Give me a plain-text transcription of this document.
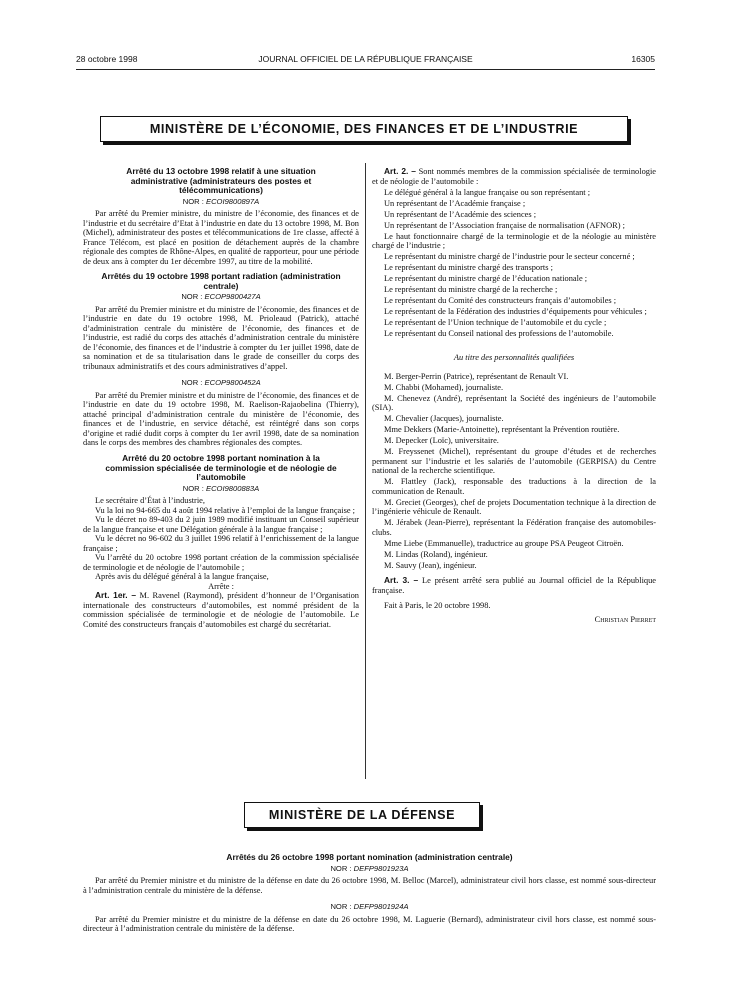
28 octobre 1998	JOURNAL OFFICIEL DE LA RÉPUBLIQUE FRANÇAISE	16305
MINISTÈRE DE L’ÉCONOMIE, DES FINANCES ET DE L’INDUSTRIE
Arrêté du 13 octobre 1998 relatif à une situation administrative (administrateurs des postes et télécommunications)
NOR : ECOI9800897A

Par arrêté du Premier ministre, du ministre de l’économie, des finances et de l’industrie et du secrétaire d’Etat à l’industrie en date du 13 octobre 1998, M. Bon (Michel), administrateur des postes et télécommunications de 1re classe, affecté à France Télécom, est placé en position de détachement auprès de la chambre régionale des comptes de Rhône-Alpes, en qualité de rapporteur, pour une période de deux ans à compter du 1er décembre 1997, au titre de la mobilité.

Arrêtés du 19 octobre 1998 portant radiation (administration centrale)
NOR : ECOP9800427A

Par arrêté du Premier ministre et du ministre de l’économie, des finances et de l’industrie en date du 19 octobre 1998, M. Prioleaud (Patrick), attaché d’administration centrale du ministère de l’économie, des finances et de l’industrie, est radié du corps des attachés d’administration centrale du ministère de l’économie, des finances et de l’industrie à compter du 1er juillet 1998, date de sa nomination et de sa titularisation dans le grade de conseiller du corps des tribunaux administratifs et des cours administratives d’appel.

NOR : ECOP9800452A

Par arrêté du Premier ministre et du ministre de l’économie, des finances et de l’industrie en date du 19 octobre 1998, M. Raelison-Rajaobelina (Thierry), attaché principal d’administration centrale du ministère de l’économie, des finances et de l’industrie, en service détaché, est réintégré dans son corps d’origine et radié dudit corps à compter du 1er avril 1998, date de sa nomination dans le corps des membres des chambres régionales des comptes.

Arrêté du 20 octobre 1998 portant nomination à la commission spécialisée de terminologie et de néologie de l’automobile
NOR : ECOI9800883A

Le secrétaire d’État à l’industrie,

Vu la loi no 94-665 du 4 août 1994 relative à l’emploi de la langue française ;

Vu le décret no 89-403 du 2 juin 1989 modifié instituant un Conseil supérieur de la langue française et une Délégation générale à la langue française ;

Vu le décret no 96-602 du 3 juillet 1996 relatif à l’enrichissement de la langue française ;

Vu l’arrêté du 20 octobre 1998 portant création de la commission spécialisée de terminologie et de néologie de l’automobile ;

Après avis du délégué général à la langue française,

Arrête :

Art. 1er. – M. Ravenel (Raymond), président d’honneur de l’Organisation internationale des constructeurs d’automobiles, est nommé président de la commission spécialisée de terminologie et de néologie de l’automobile. Le Comité des constructeurs français d’automobiles est chargé du secrétariat.

Art. 2. – Sont nommés membres de la commission spécialisée de terminologie et de néologie de l’automobile :

Le délégué général à la langue française ou son représentant ;

Un représentant de l’Académie française ;

Un représentant de l’Académie des sciences ;

Un représentant de l’Association française de normalisation (AFNOR) ;

Le haut fonctionnaire chargé de la terminologie et de la néologie au ministère chargé de l’industrie ;

Le représentant du ministre chargé de l’industrie pour le secteur concerné ;

Le représentant du ministre chargé des transports ;

Le représentant du ministre chargé de l’éducation nationale ;

Le représentant du ministre chargé de la recherche ;

Le représentant du Comité des constructeurs français d’automobiles ;

Le représentant de la Fédération des industries d’équipements pour véhicules ;

Le représentant de l’Union technique de l’automobile et du cycle ;

Le représentant du Conseil national des professions de l’automobile.

Au titre des personnalités qualifiées

M. Berger-Perrin (Patrice), représentant de Renault VI.

M. Chabbi (Mohamed), journaliste.

M. Chenevez (André), représentant la Société des ingénieurs de l’automobile (SIA).

M. Chevalier (Jacques), journaliste.

Mme Dekkers (Marie-Antoinette), représentant la Prévention routière.

M. Depecker (Loïc), universitaire.

M. Freyssenet (Michel), représentant du groupe d’études et de recherches permanent sur l’industrie et les salariés de l’automobile (GERPISA) du Centre national de la recherche scientifique.

M. Flattley (Jack), responsable des traductions à la direction de la communication de Renault.

M. Greciet (Georges), chef de projets Documentation technique à la direction de l’ingénierie véhicule de Renault.

M. Jérabek (Jean-Pierre), représentant la Fédération française des automobiles-clubs.

Mme Liebe (Emmanuelle), traductrice au groupe PSA Peugeot Citroën.

M. Lindas (Roland), ingénieur.

M. Sauvy (Jean), ingénieur.

Art. 3. – Le présent arrêté sera publié au Journal officiel de la République française.

Fait à Paris, le 20 octobre 1998.

Christian Pierret

MINISTÈRE DE LA DÉFENSE
Arrêtés du 26 octobre 1998 portant nomination (administration centrale)
NOR : DEFP9801923A

Par arrêté du Premier ministre et du ministre de la défense en date du 26 octobre 1998, M. Belloc (Marcel), administrateur civil hors classe, est nommé sous-directeur à l’administration centrale du ministère de la défense.

NOR : DEFP9801924A

Par arrêté du Premier ministre et du ministre de la défense en date du 26 octobre 1998, M. Laguerie (Bernard), administrateur civil hors classe, est nommé sous-directeur à l’administration centrale du ministère de la défense.
